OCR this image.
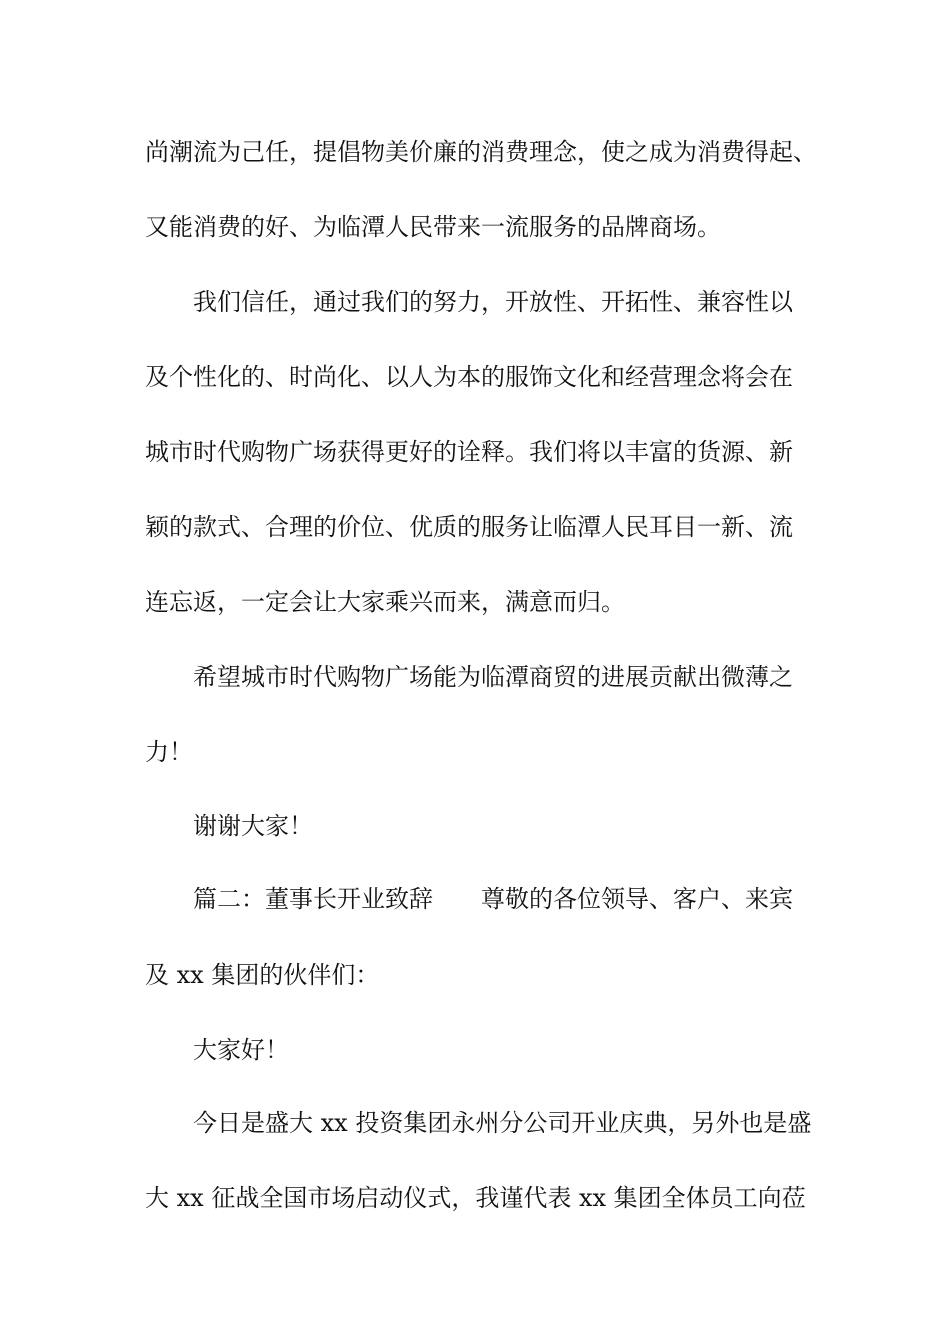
尚潮流为己任，提倡物美价廉的消费理念，使之成为消费得起、
又能消费的好、为临潭人民带来一流服务的品牌商场。
我们信任，通过我们的努力，开放性、开拓性、兼容性以
及个性化的、时尚化、以人为本的服饰文化和经营理念将会在
城市时代购物广场获得更好的诠释。我们将以丰富的货源、新
颖的款式、合理的价位、优质的服务让临潭人民耳目一新、流
连忘返，一定会让大家乘兴而来，满意而归。
希望城市时代购物广场能为临潭商贸的进展贡献出微薄之
力！
谢谢大家！
篇二：董事长开业致辞　　尊敬的各位领导、客户、来宾
及 xx 集团的伙伴们：
大家好！
今日是盛大 xx 投资集团永州分公司开业庆典，另外也是盛
大 xx 征战全国市场启动仪式，我谨代表 xx 集团全体员工向莅
